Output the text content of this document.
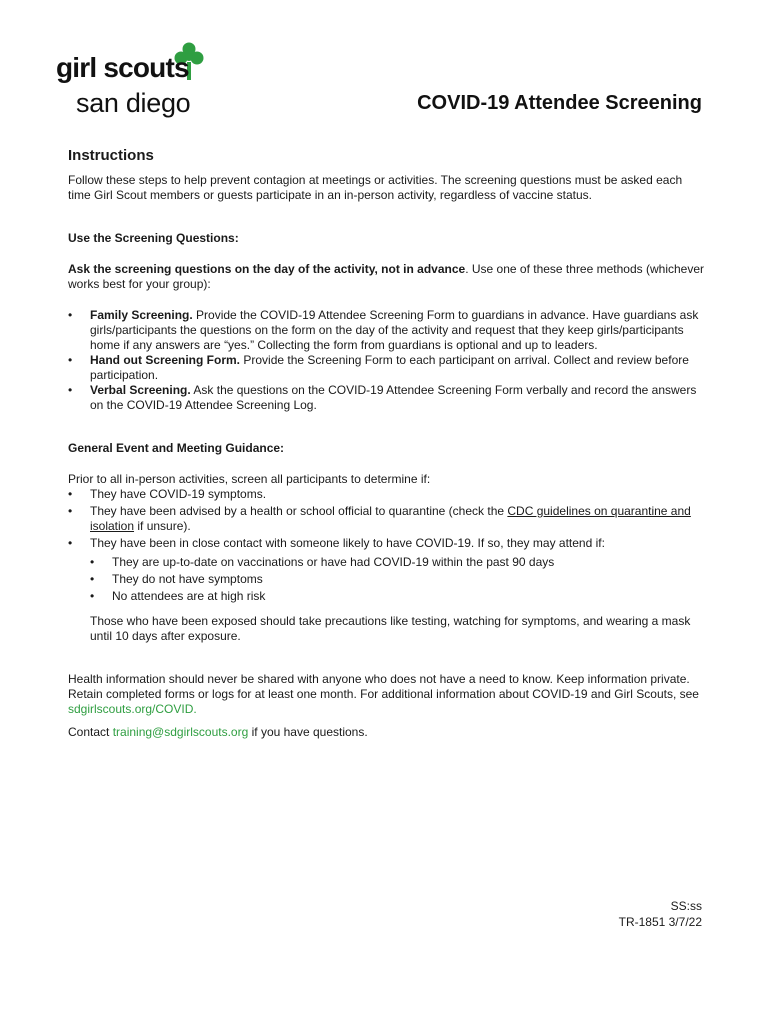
girl scouts
san diego	COVID-19 Attendee Screening
Instructions

Follow these steps to help prevent contagion at meetings or activities. The screening questions must be asked each time Girl Scout members or guests participate in an in-person activity, regardless of vaccine status.

Use the Screening Questions:

Ask the screening questions on the day of the activity, not in advance. Use one of these three methods (whichever works best for your group):

• Family Screening. Provide the COVID-19 Attendee Screening Form to guardians in advance. Have guardians ask girls/participants the questions on the form on the day of the activity and request that they keep girls/participants home if any answers are “yes.” Collecting the form from guardians is optional and up to leaders.
• Hand out Screening Form. Provide the Screening Form to each participant on arrival. Collect and review before participation.
• Verbal Screening. Ask the questions on the COVID-19 Attendee Screening Form verbally and record the answers on the COVID-19 Attendee Screening Log.

General Event and Meeting Guidance:

Prior to all in-person activities, screen all participants to determine if:

• They have COVID-19 symptoms.
• They have been advised by a health or school official to quarantine (check the CDC guidelines on quarantine and isolation if unsure).
• They have been in close contact with someone likely to have COVID-19. If so, they may attend if:
• They are up-to-date on vaccinations or have had COVID-19 within the past 90 days
• They do not have symptoms
• No attendees are at high risk

Those who have been exposed should take precautions like testing, watching for symptoms, and wearing a mask until 10 days after exposure.

Health information should never be shared with anyone who does not have a need to know. Keep information private. Retain completed forms or logs for at least one month. For additional information about COVID-19 and Girl Scouts, see sdgirlscouts.org/COVID.

Contact training@sdgirlscouts.org if you have questions.

SS:ss
TR-1851 3/7/22
